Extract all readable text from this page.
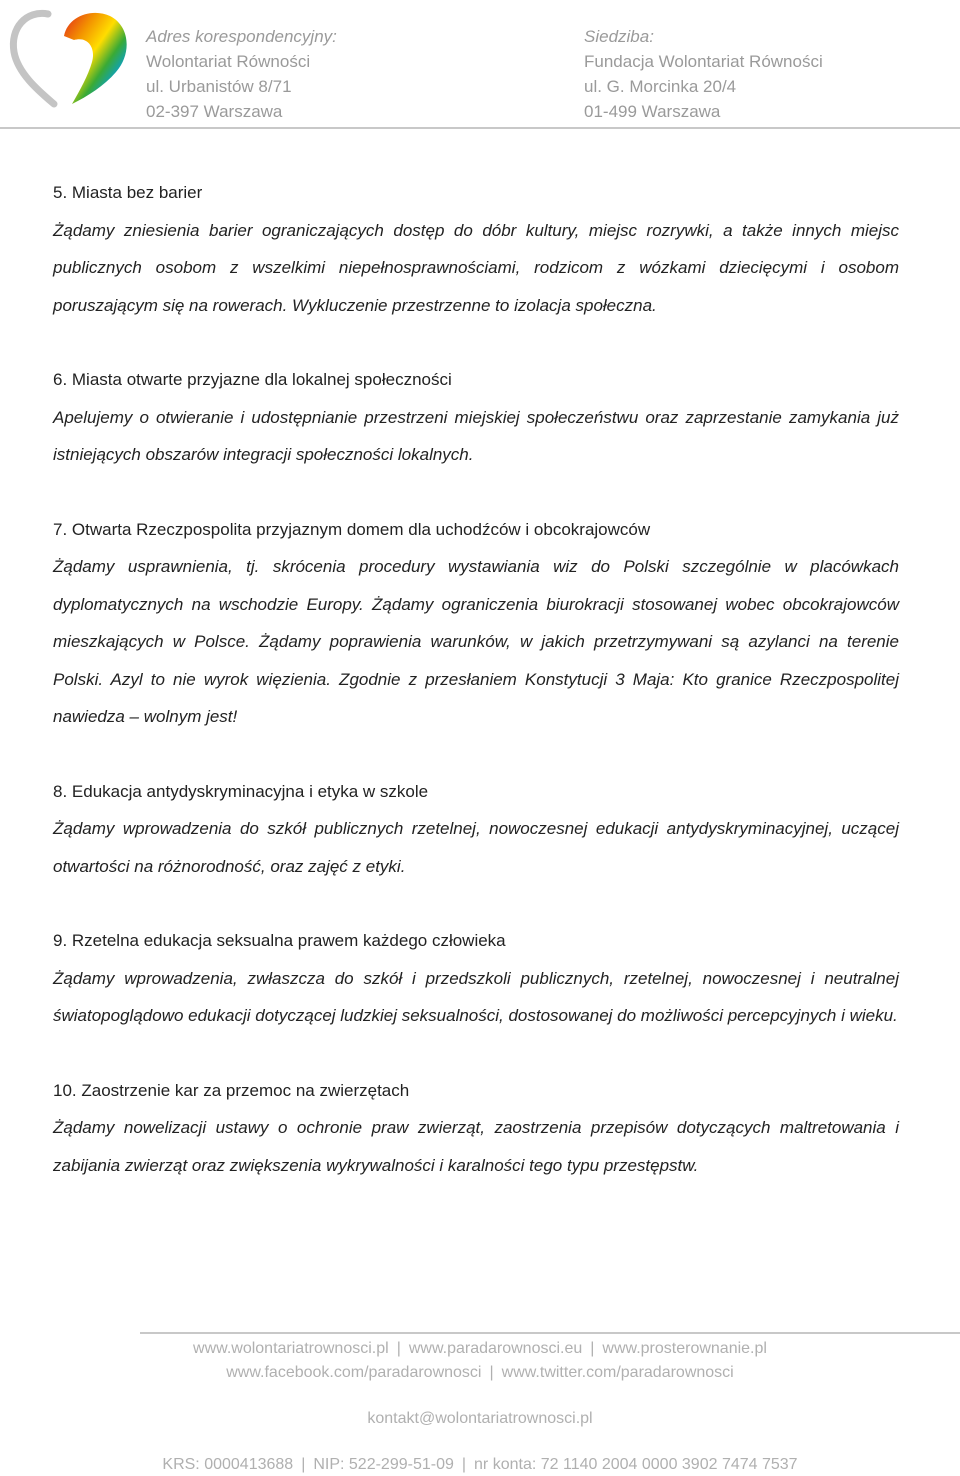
Adres korespondencyjny:
Wolontariat Równości
ul. Urbanistów 8/71
02-397 Warszawa
Siedziba:
Fundacja Wolontariat Równości
ul. G. Morcinka 20/4
01-499 Warszawa

5. Miasta bez barier

Żądamy zniesienia barier ograniczających dostęp do dóbr kultury, miejsc rozrywki, a także innych miejsc publicznych osobom z wszelkimi niepełnosprawnościami, rodzicom z wózkami dziecięcymi i osobom poruszającym się na rowerach. Wykluczenie przestrzenne to izolacja społeczna.

6. Miasta otwarte przyjazne dla lokalnej społeczności

Apelujemy o otwieranie i udostępnianie przestrzeni miejskiej społeczeństwu oraz zaprzestanie zamykania już istniejących obszarów integracji społeczności lokalnych.

7. Otwarta Rzeczpospolita przyjaznym domem dla uchodźców i obcokrajowców

Żądamy usprawnienia, tj. skrócenia procedury wystawiania wiz do Polski szczególnie w placówkach dyplomatycznych na wschodzie Europy. Żądamy ograniczenia biurokracji stosowanej wobec obcokrajowców mieszkających w Polsce. Żądamy poprawienia warunków, w jakich przetrzymywani są azylanci na terenie Polski. Azyl to nie wyrok więzienia. Zgodnie z przesłaniem Konstytucji 3 Maja: Kto granice Rzeczpospolitej nawiedza – wolnym jest!

8. Edukacja antydyskryminacyjna i etyka w szkole

Żądamy wprowadzenia do szkół publicznych rzetelnej, nowoczesnej edukacji antydyskryminacyjnej, uczącej otwartości na różnorodność, oraz zajęć z etyki.

9. Rzetelna edukacja seksualna prawem każdego człowieka

Żądamy wprowadzenia, zwłaszcza do szkół i przedszkoli publicznych, rzetelnej, nowoczesnej i neutralnej światopoglądowo edukacji dotyczącej ludzkiej seksualności, dostosowanej do możliwości percepcyjnych i wieku.

10. Zaostrzenie kar za przemoc na zwierzętach

Żądamy nowelizacji ustawy o ochronie praw zwierząt, zaostrzenia przepisów dotyczących maltretowania i zabijania zwierząt oraz zwiększenia wykrywalności i karalności tego typu przestępstw.

www.wolontariatrownosci.pl | www.paradarownosci.eu | www.prosterownanie.pl
www.facebook.com/paradarownosci | www.twitter.com/paradarownosci
kontakt@wolontariatrownosci.pl
KRS: 0000413688 | NIP: 522-299-51-09 | nr konta: 72 1140 2004 0000 3902 7474 7537
